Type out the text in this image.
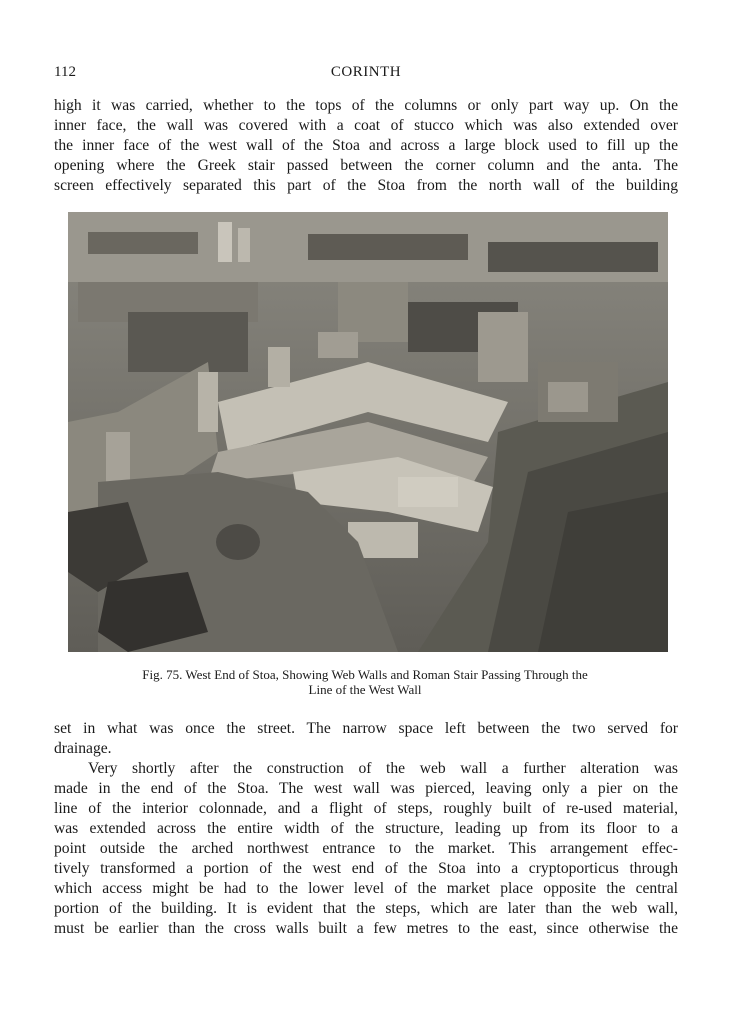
112	CORINTH

high it was carried, whether to the tops of the columns or only part way up. On the
inner face, the wall was covered with a coat of stucco which was also extended over
the inner face of the west wall of the Stoa and across a large block used to fill up the
opening where the Greek stair passed between the corner column and the anta. The
screen effectively separated this part of the Stoa from the north wall of the building

Fig. 75. West End of Stoa, Showing Web Walls and Roman Stair Passing Through the
Line of the West Wall

set in what was once the street. The narrow space left between the two served for
drainage.

Very shortly after the construction of the web wall a further alteration was
made in the end of the Stoa. The west wall was pierced, leaving only a pier on the
line of the interior colonnade, and a flight of steps, roughly built of re-used material,
was extended across the entire width of the structure, leading up from its floor to a
point outside the arched northwest entrance to the market. This arrangement effec-
tively transformed a portion of the west end of the Stoa into a cryptoporticus through
which access might be had to the lower level of the market place opposite the central
portion of the building. It is evident that the steps, which are later than the web wall,
must be earlier than the cross walls built a few metres to the east, since otherwise the
